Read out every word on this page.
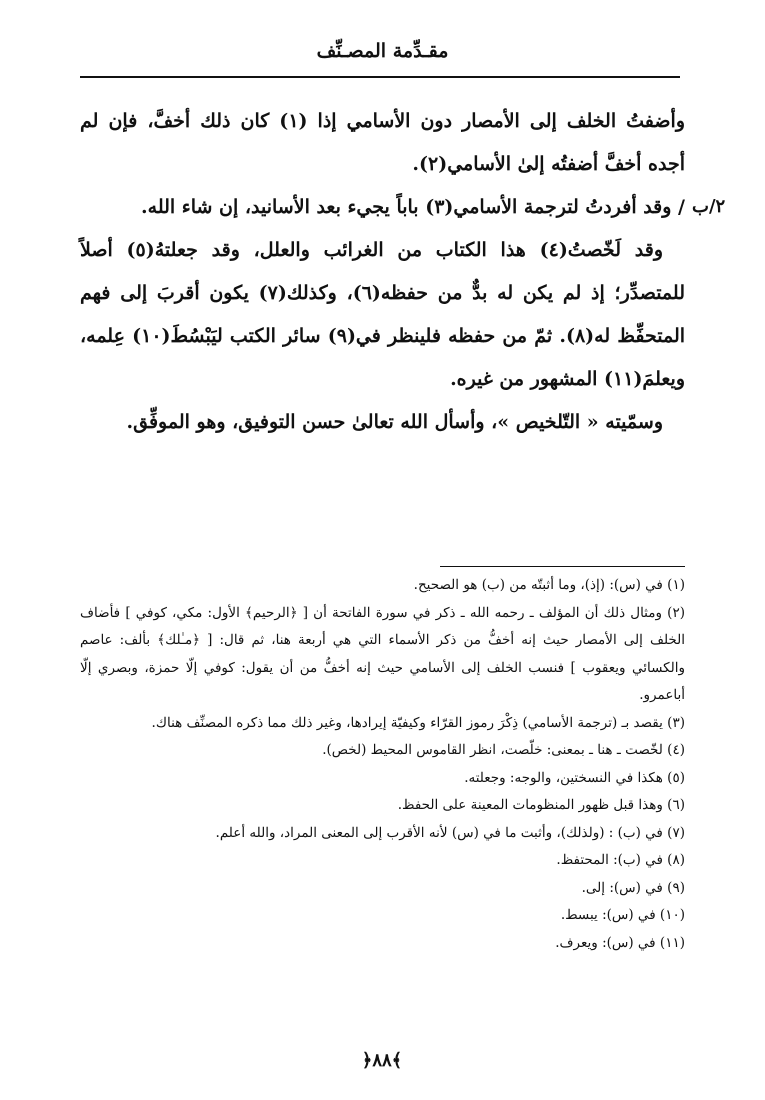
مقـدِّمة المصـنِّف
٢/ب

وأضفتُ الخلف إلى الأمصار دون الأسامي إذا (١) كان ذلك أخفَّ، فإن لم أجده أخفَّ أضفتُه إلىٰ الأسامي(٢).

/ وقد أفردتُ لترجمة الأسامي(٣) باباً يجيء بعد الأسانيد، إن شاء الله.

وقد لَخّصتُ(٤) هذا الكتاب من الغرائب والعلل، وقد جعلتهُ(٥) أصلاً للمتصدِّر؛ إذ لم يكن له بدٌّ من حفظه(٦)، وكذلك(٧) يكون أقربَ إلى فهم المتحفِّظ له(٨). ثمّ من حفظه فلينظر في(٩) سائر الكتب ليَبْسُطَ(١٠) عِلمه، ويعلمَ(١١) المشهور من غيره.

وسمّيته « التّلخيص »، وأسأل الله تعالىٰ حسن التوفيق، وهو الموفِّق.

(١) في (س): (إذ)، وما أثبتّه من (ب) هو الصحيح.

(٢) ومثال ذلك أن المؤلف ـ رحمه الله ـ ذكر في سورة الفاتحة أن [ ﴿الرحيم﴾ الأول: مكي، كوفي ] فأضاف الخلف إلى الأمصار حيث إنه أخفُّ من ذكر الأسماء التي هي أربعة هنا، ثم قال: [ ﴿مـٰلك﴾ بألف: عاصم والكسائي ويعقوب ] فنسب الخلف إلى الأسامي حيث إنه أخفُّ من أن يقول: كوفي إلّا حمزة، وبصري إلّا أباعمرو.

(٣) يقصد بـ (ترجمة الأسامي) ذِكْرَ رموز القرّاء وكيفيّة إيرادها، وغير ذلك مما ذكره المصنِّف هناك.

(٤) لخّصت ـ هنا ـ بمعنى: خلّصت، انظر القاموس المحيط (لخص).

(٥) هكذا في النسختين، والوجه: وجعلته.

(٦) وهذا قبل ظهور المنظومات المعينة على الحفظ.

(٧) في (ب) : (ولذلك)، وأثبت ما في (س) لأنه الأقرب إلى المعنى المراد، والله أعلم.

(٨) في (ب): المحتفظ.

(٩) في (س): إلى.

(١٠) في (س): يبسط.

(١١) في (س): ويعرف.

﴿٨٨﴾
